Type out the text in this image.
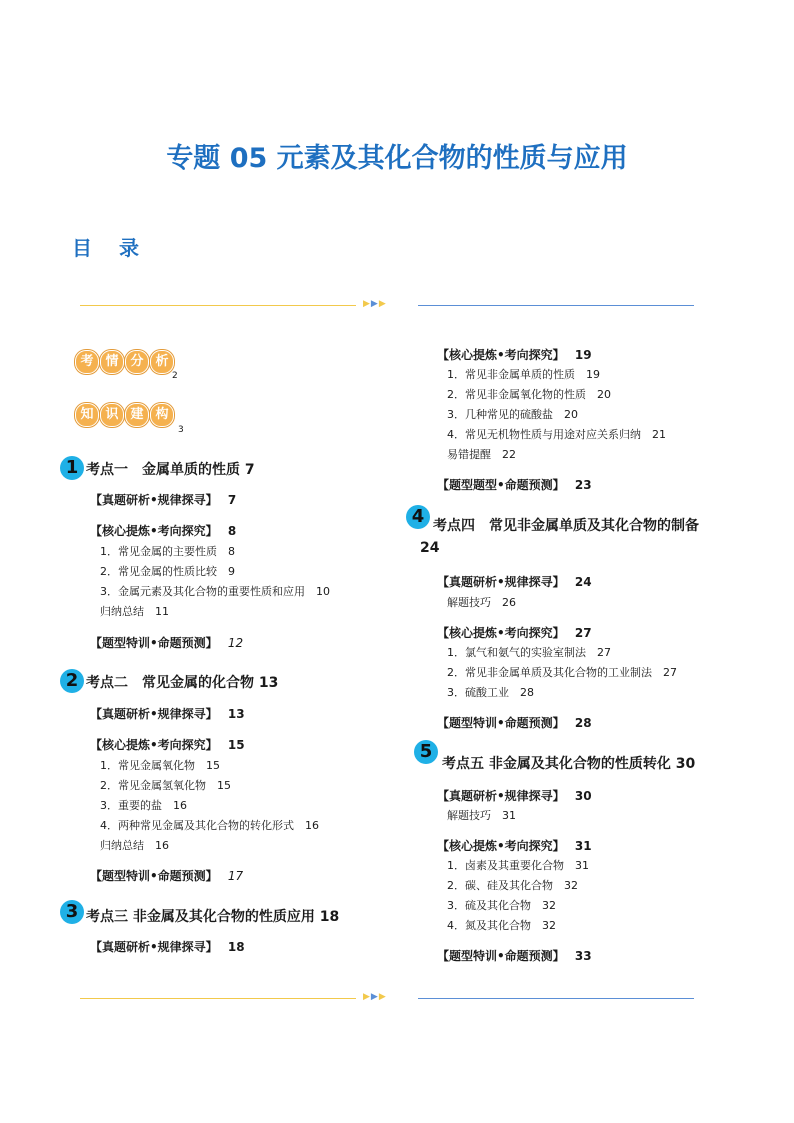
专题 05 元素及其化合物的性质与应用
目 录
▶▶▶
考 情 分 析
2
知 识 建 构
3
1 考点一　金属单质的性质 7
【真题研析•规律探寻】　 7
【核心提炼•考向探究】　 8
1．常见金属的主要性质　 8
2．常见金属的性质比较　 9
3．金属元素及其化合物的重要性质和应用　 10
归纳总结　 11
【题型特训•命题预测】　 12
2 考点二　常见金属的化合物 13
【真题研析•规律探寻】　 13
【核心提炼•考向探究】　 15
1．常见金属氧化物　 15
2．常见金属氢氧化物　 15
3．重要的盐　 16
4．两种常见金属及其化合物的转化形式　 16
归纳总结　 16
【题型特训•命题预测】　 17
3 考点三 非金属及其化合物的性质应用 18
【真题研析•规律探寻】　 18
【核心提炼•考向探究】　 19
1．常见非金属单质的性质　 19
2．常见非金属氧化物的性质　 20
3．几种常见的硫酸盐　 20
4．常见无机物性质与用途对应关系归纳　 21
易错提醒　 22
【题型题型•命题预测】　 23
4 考点四　常见非金属单质及其化合物的制备
24
【真题研析•规律探寻】　 24
解题技巧　 26
【核心提炼•考向探究】　 27
1．氯气和氨气的实验室制法　 27
2．常见非金属单质及其化合物的工业制法　 27
3．硫酸工业　 28
【题型特训•命题预测】　 28
5
考点五 非金属及其化合物的性质转化 30
【真题研析•规律探寻】　 30
解题技巧　 31
【核心提炼•考向探究】　 31
1．卤素及其重要化合物　 31
2．碳、硅及其化合物　 32
3．硫及其化合物　 32
4．氮及其化合物　 32
【题型特训•命题预测】　 33
▶▶▶
